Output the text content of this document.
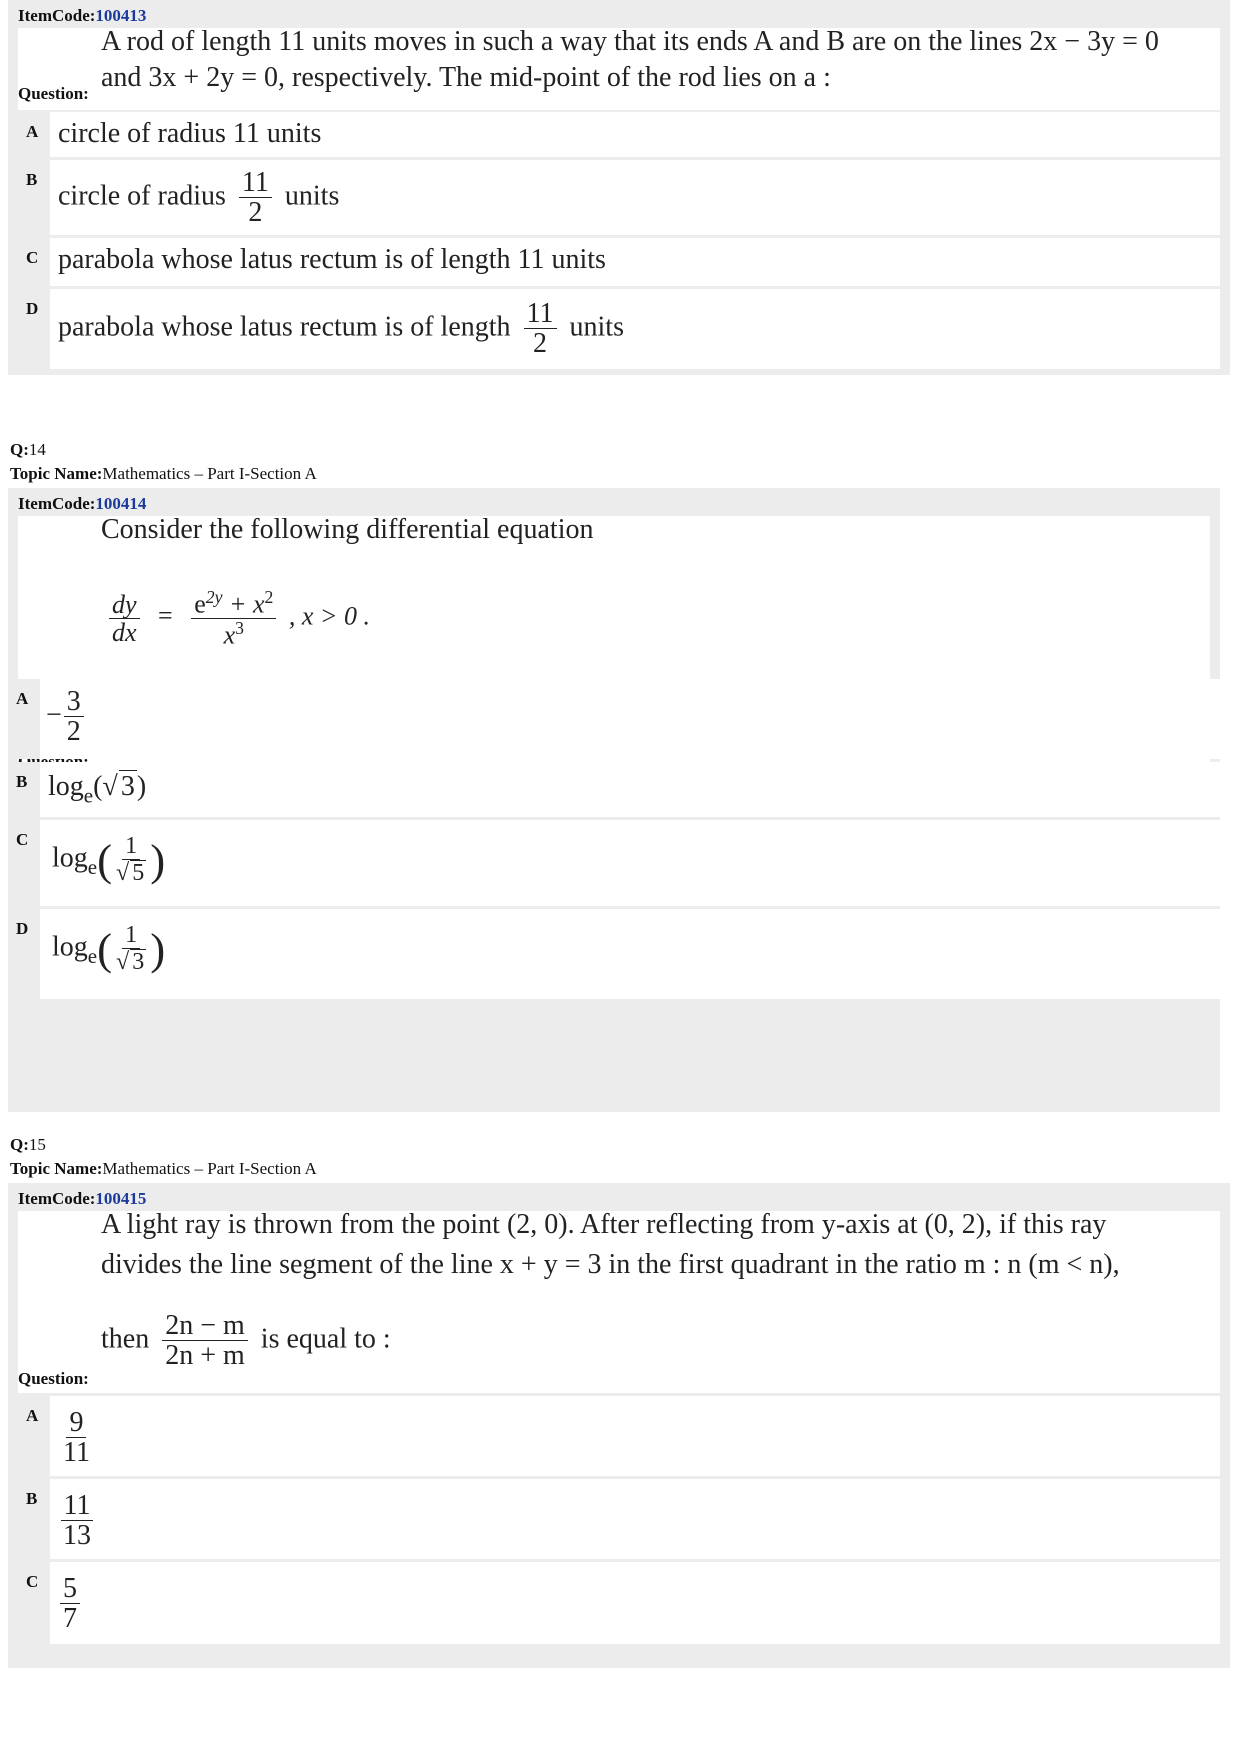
ItemCode:100413
A rod of length 11 units moves in such a way that its ends A and B are on the lines 2x − 3y = 0
and 3x + 2y = 0, respectively. The mid-point of the rod lies on a :
Question:
A circle of radius 11 units
B
circle of radius $\frac{11}{2}$ units
C parabola whose latus rectum is of length 11 units
D
parabola whose latus rectum is of length $\frac{11}{2}$ units
Q:14
Topic Name:Mathematics – Part I-Section A
ItemCode:100414
Consider the following differential equation
$\frac{dy}{dx} = \frac{e^{2y} + x^2}{x^3}$ , x > 0 .
A
− $\frac{3}{2}$
B $\log_e(√$ 3)
C
$\log_e( \frac{1}{√ 5}$ )
D
$\log_e( \frac{1}{√ 3}$ )
Q:15
Topic Name:Mathematics – Part I-Section A
ItemCode:100415
A light ray is thrown from the point (2, 0). After reflecting from y-axis at (0, 2), if this ray
divides the line segment of the line x + y = 3 in the first quadrant in the ratio m : n (m < n),
then $\frac{2n - m}{2n + m}$ is equal to :
Question:
A $\frac{9}{11}$
B $\frac{11}{13}$
C $\frac{5}{7}$
